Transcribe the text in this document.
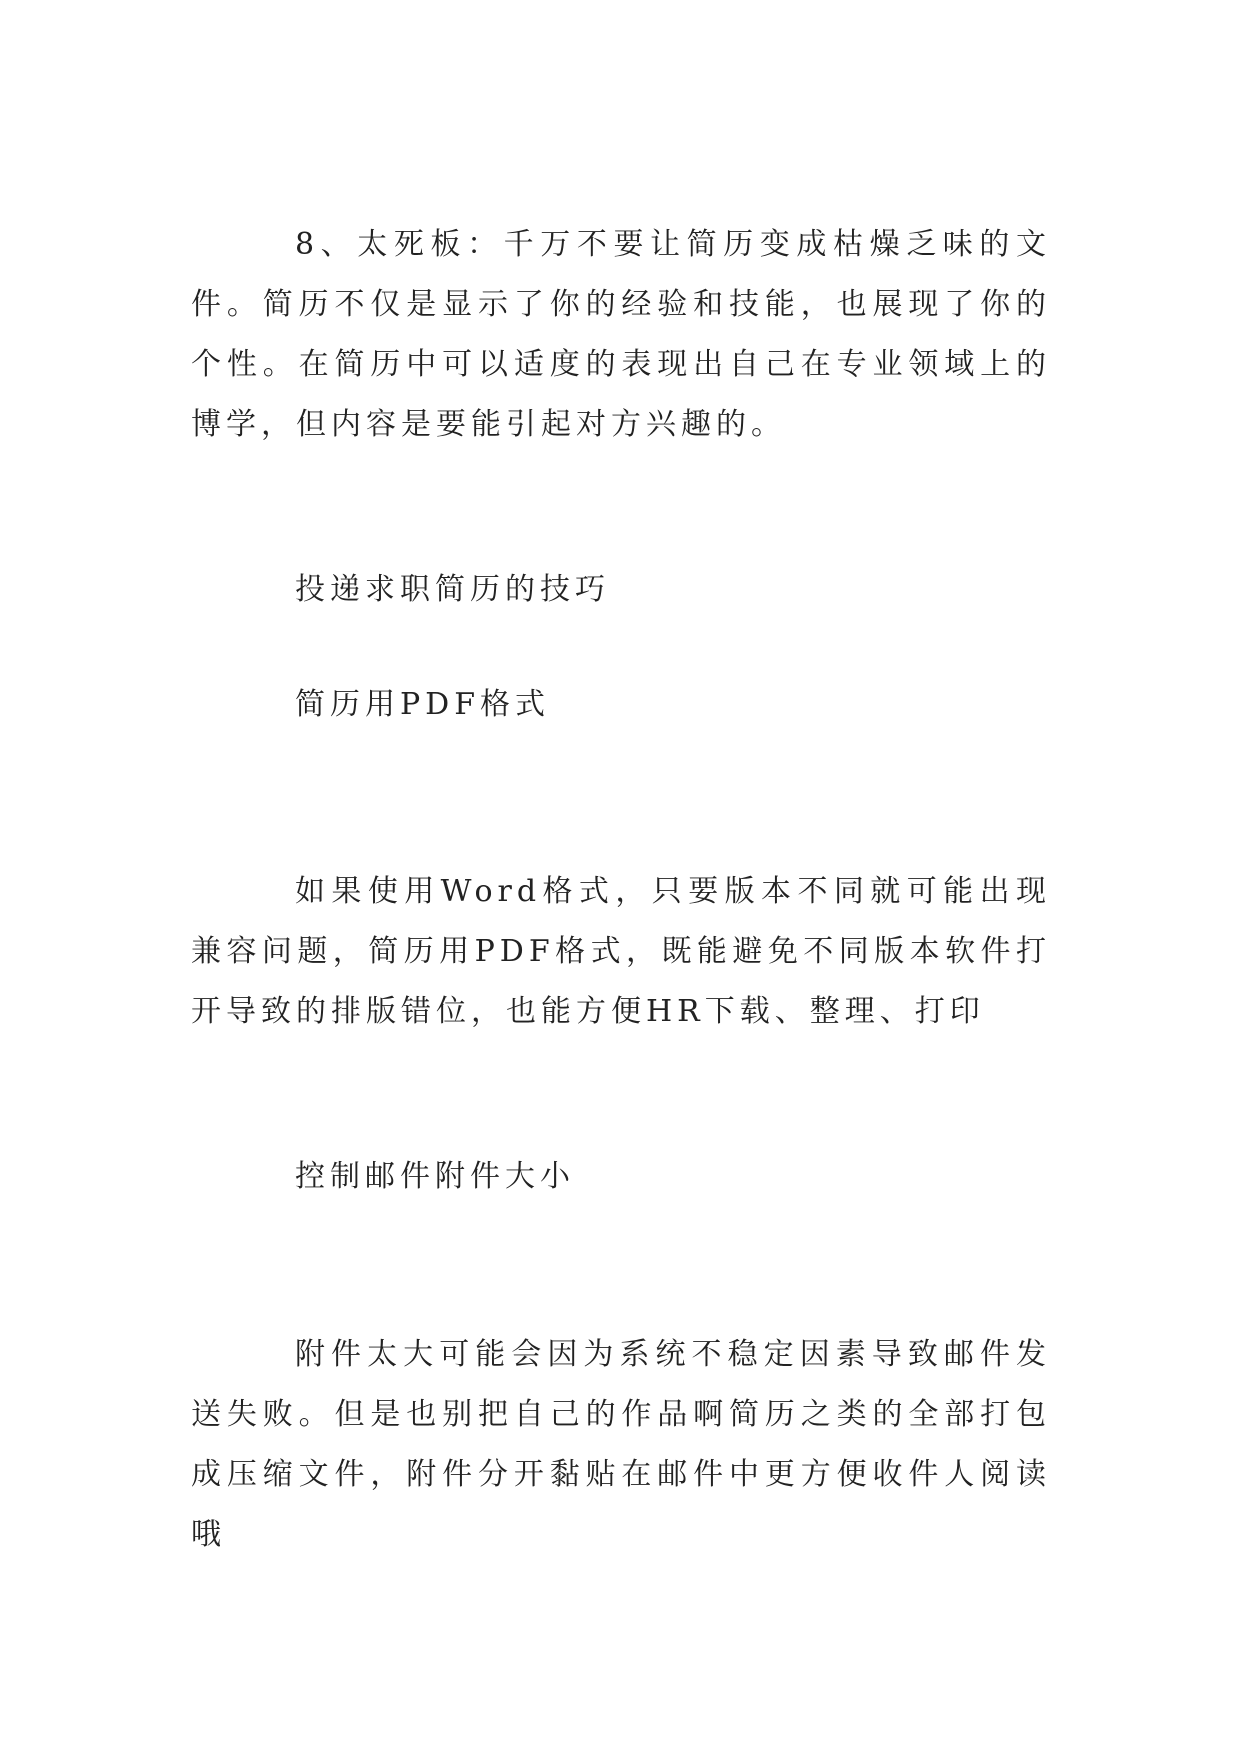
8、太死板：千万不要让简历变成枯燥乏味的文件。简历不仅是显示了你的经验和技能，也展现了你的个性。在简历中可以适度的表现出自己在专业领域上的博学，但内容是要能引起对方兴趣的。

投递求职简历的技巧

简历用PDF格式

如果使用Word格式，只要版本不同就可能出现兼容问题，简历用PDF格式，既能避免不同版本软件打开导致的排版错位，也能方便HR下载、整理、打印

控制邮件附件大小

附件太大可能会因为系统不稳定因素导致邮件发送失败。但是也别把自己的作品啊简历之类的全部打包成压缩文件，附件分开黏贴在邮件中更方便收件人阅读哦
